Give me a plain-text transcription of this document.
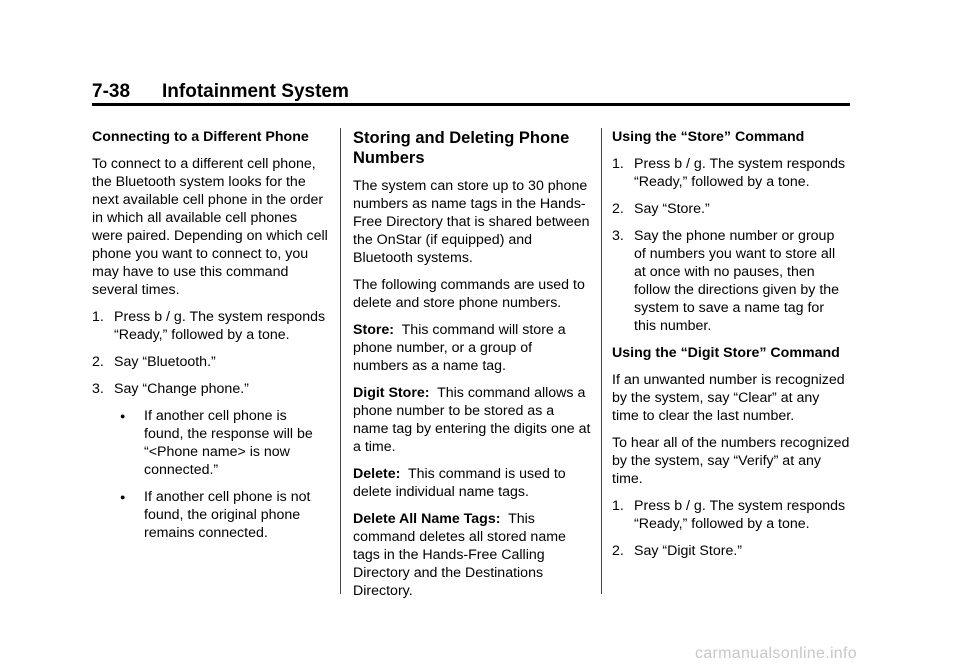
7-38 Infotainment System
Connecting to a Different Phone

To connect to a different cell phone, the Bluetooth system looks for the next available cell phone in the order in which all available cell phones were paired. Depending on which cell phone you want to connect to, you may have to use this command several times.

1. Press b / g. The system responds “Ready,” followed by a tone.
2. Say “Bluetooth.”
3. Say “Change phone.”
●	If another cell phone is found, the response will be “<Phone name> is now connected.”
●	If another cell phone is not found, the original phone remains connected.
Storing and Deleting Phone Numbers

The system can store up to 30 phone numbers as name tags in the Hands-Free Directory that is shared between the OnStar (if equipped) and Bluetooth systems.

The following commands are used to delete and store phone numbers.

Store: This command will store a phone number, or a group of numbers as a name tag.

Digit Store: This command allows a phone number to be stored as a name tag by entering the digits one at a time.

Delete: This command is used to delete individual name tags.

Delete All Name Tags: This command deletes all stored name tags in the Hands-Free Calling Directory and the Destinations Directory.

Using the “Store” Command
1. Press b / g. The system responds “Ready,” followed by a tone.
2. Say “Store.”
3. Say the phone number or group of numbers you want to store all at once with no pauses, then follow the directions given by the system to save a name tag for this number.
Using the “Digit Store” Command

If an unwanted number is recognized by the system, say “Clear” at any time to clear the last number.

To hear all of the numbers recognized by the system, say “Verify” at any time.

1. Press b / g. The system responds “Ready,” followed by a tone.
2. Say “Digit Store.”
carmanualsonline.info
